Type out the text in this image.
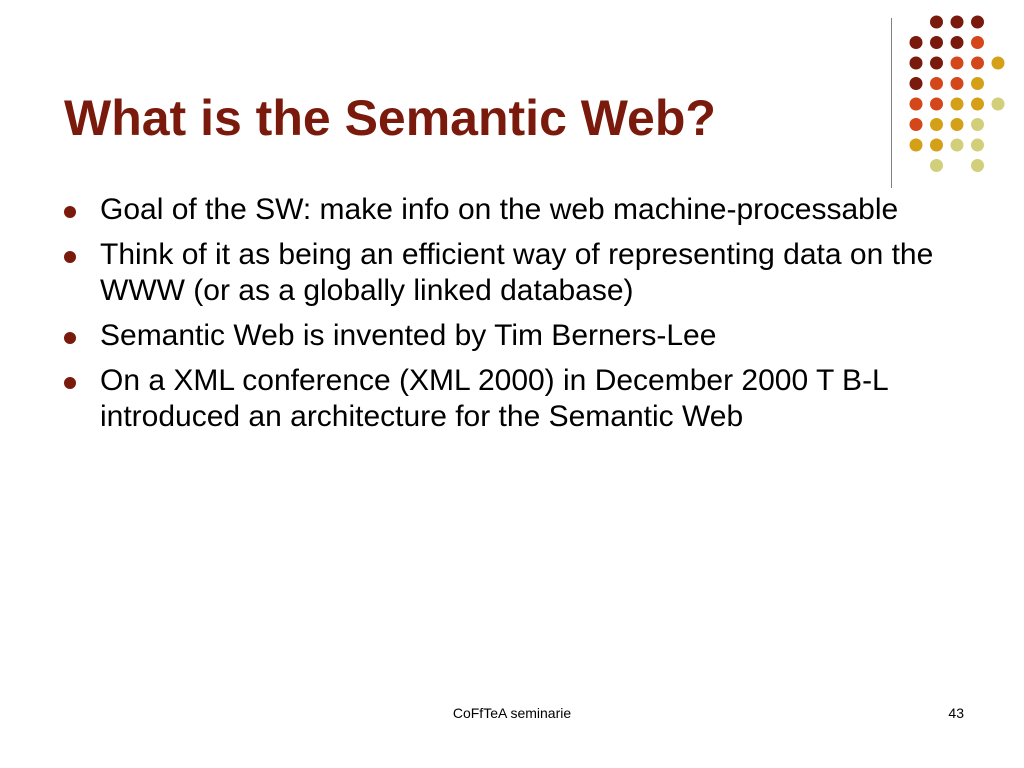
What is the Semantic Web?
Goal of the SW: make info on the web machine-processable
Think of it as being an efficient way of representing data on the WWW (or as a globally linked database)
Semantic Web is invented by Tim Berners-Lee
On a XML conference (XML 2000) in December 2000 T B-L introduced an architecture for the Semantic Web
CoFfTeA seminarie	43
